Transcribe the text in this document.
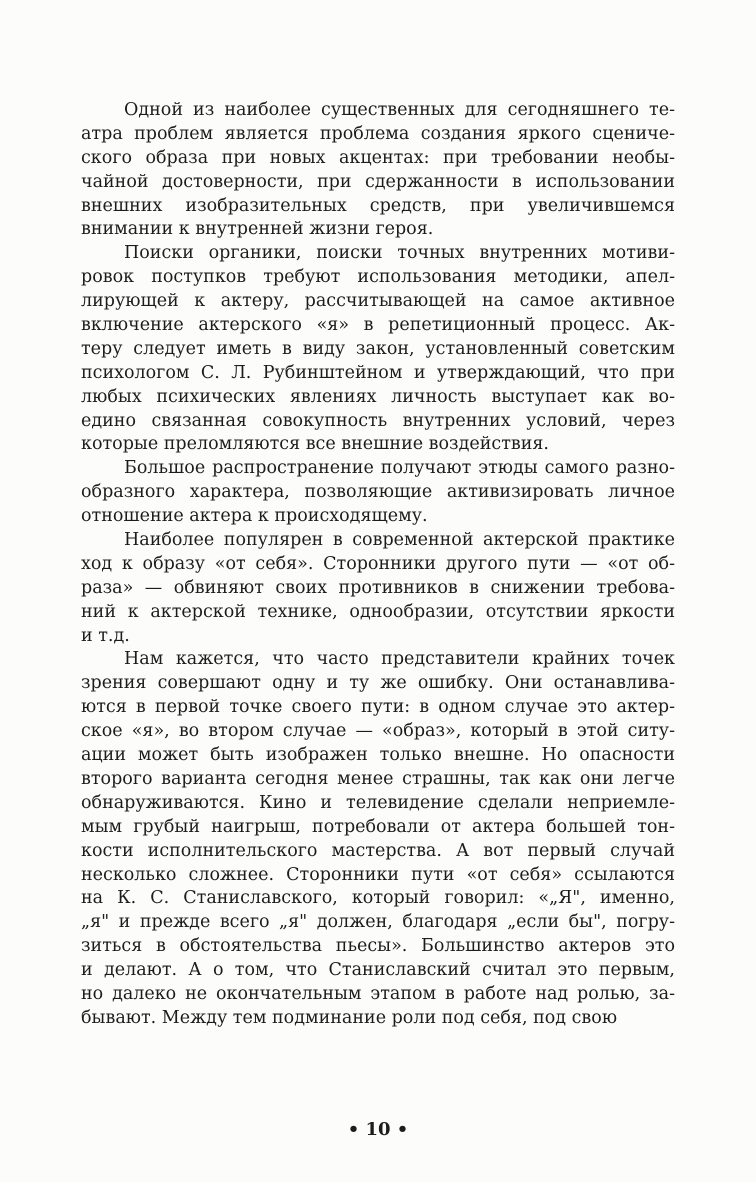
Одной из наиболее существенных для сегодняшнего те-
атра проблем является проблема создания яркого сцениче-
ского образа при новых акцентах: при требовании необы-
чайной достоверности, при сдержанности в использовании
внешних изобразительных средств, при увеличившемся
внимании к внутренней жизни героя.
Поиски органики, поиски точных внутренних мотиви-
ровок поступков требуют использования методики, апел-
лирующей к актеру, рассчитывающей на самое активное
включение актерского «я» в репетиционный процесс. Ак-
теру следует иметь в виду закон, установленный советским
психологом С. Л. Рубинштейном и утверждающий, что при
любых психических явлениях личность выступает как во-
едино связанная совокупность внутренних условий, через
которые преломляются все внешние воздействия.
Большое распространение получают этюды самого разно-
образного характера, позволяющие активизировать личное
отношение актера к происходящему.
Наиболее популярен в современной актерской практике
ход к образу «от себя». Сторонники другого пути — «от об-
раза» — обвиняют своих противников в снижении требова-
ний к актерской технике, однообразии, отсутствии яркости
и т.д.
Нам кажется, что часто представители крайних точек
зрения совершают одну и ту же ошибку. Они останавлива-
ются в первой точке своего пути: в одном случае это актер-
ское «я», во втором случае — «образ», который в этой ситу-
ации может быть изображен только внешне. Но опасности
второго варианта сегодня менее страшны, так как они легче
обнаруживаются. Кино и телевидение сделали неприемле-
мым грубый наигрыш, потребовали от актера большей тон-
кости исполнительского мастерства. А вот первый случай
несколько сложнее. Сторонники пути «от себя» ссылаются
на К. С. Станиславского, который говорил: «„Я", именно,
„я" и прежде всего „я" должен, благодаря „если бы", погру-
зиться в обстоятельства пьесы». Большинство актеров это
и делают. А о том, что Станиславский считал это первым,
но далеко не окончательным этапом в работе над ролью, за-
бывают. Между тем подминание роли под себя, под свою
• 10 •
